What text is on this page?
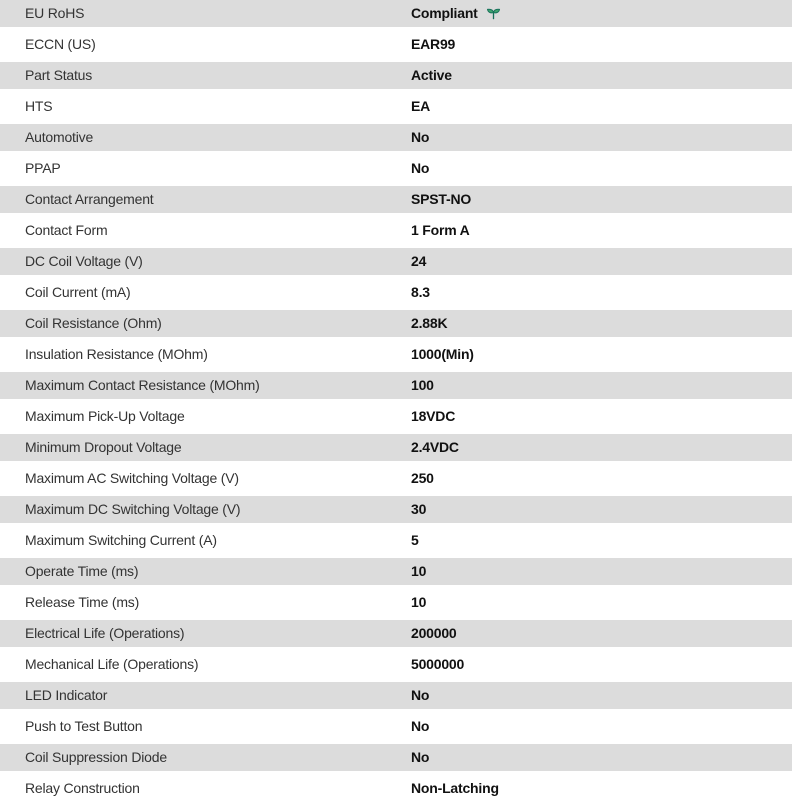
EU RoHS	Compliant
ECCN (US)	EAR99
Part Status	Active
HTS	EA
Automotive	No
PPAP	No
Contact Arrangement	SPST-NO
Contact Form	1 Form A
DC Coil Voltage (V)	24
Coil Current (mA)	8.3
Coil Resistance (Ohm)	2.88K
Insulation Resistance (MOhm)	1000(Min)
Maximum Contact Resistance (MOhm)	100
Maximum Pick-Up Voltage	18VDC
Minimum Dropout Voltage	2.4VDC
Maximum AC Switching Voltage (V)	250
Maximum DC Switching Voltage (V)	30
Maximum Switching Current (A)	5
Operate Time (ms)	10
Release Time (ms)	10
Electrical Life (Operations)	200000
Mechanical Life (Operations)	5000000
LED Indicator	No
Push to Test Button	No
Coil Suppression Diode	No
Relay Construction	Non-Latching
